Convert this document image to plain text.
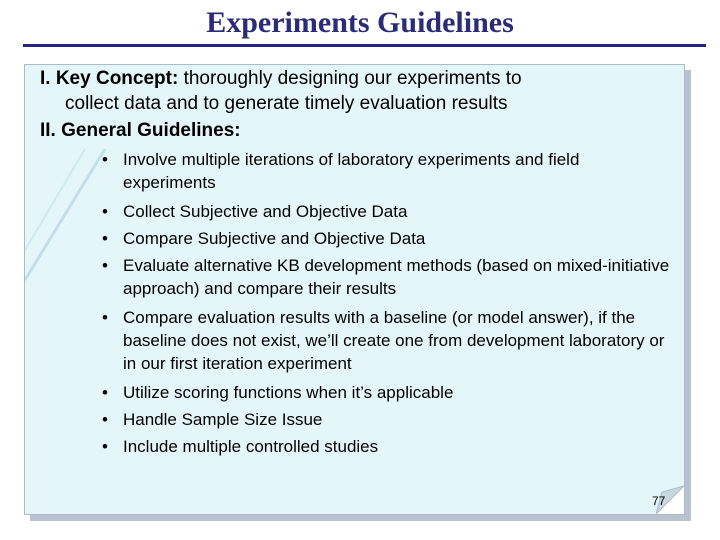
Experiments Guidelines
I. Key Concept: thoroughly designing our experiments to
collect data and to generate timely evaluation results
II. General Guidelines:
• Involve multiple iterations of laboratory experiments and field experiments
• Collect Subjective and Objective Data
• Compare Subjective and Objective Data
• Evaluate alternative KB development methods (based on mixed-initiative approach) and compare their results
• Compare evaluation results with a baseline (or model answer), if the baseline does not exist, we’ll create one from development laboratory or in our first iteration experiment
• Utilize scoring functions when it’s applicable
• Handle Sample Size Issue
• Include multiple controlled studies
77
